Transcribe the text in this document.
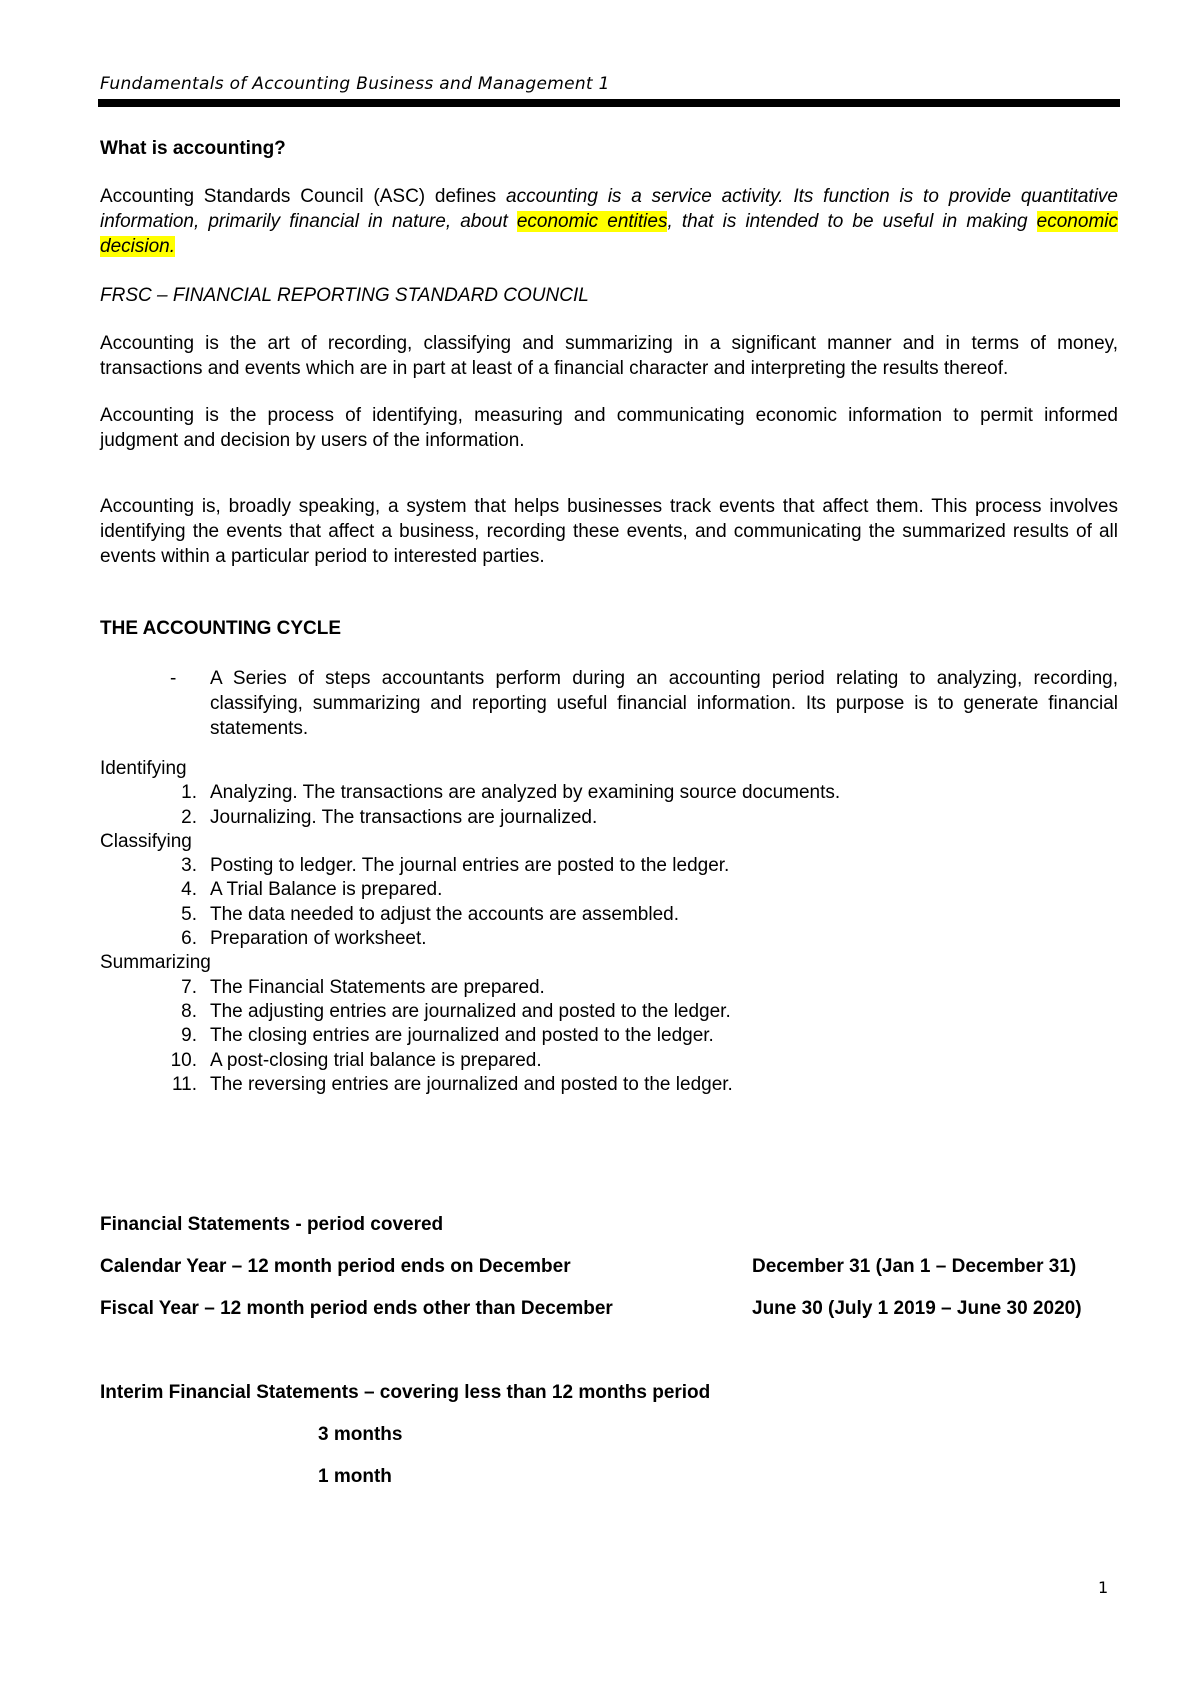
Fundamentals of Accounting Business and Management 1
What is accounting?
Accounting Standards Council (ASC) defines accounting is a service activity. Its function is to provide quantitative information, primarily financial in nature, about economic entities, that is intended to be useful in making economic decision.
FRSC – FINANCIAL REPORTING STANDARD COUNCIL
Accounting is the art of recording, classifying and summarizing in a significant manner and in terms of money, transactions and events which are in part at least of a financial character and interpreting the results thereof.
Accounting is the process of identifying, measuring and communicating economic information to permit informed judgment and decision by users of the information.
Accounting is, broadly speaking, a system that helps businesses track events that affect them. This process involves identifying the events that affect a business, recording these events, and communicating the summarized results of all events within a particular period to interested parties.
THE ACCOUNTING CYCLE
- A Series of steps accountants perform during an accounting period relating to analyzing, recording, classifying, summarizing and reporting useful financial information. Its purpose is to generate financial statements.
Identifying
1. Analyzing. The transactions are analyzed by examining source documents.
2. Journalizing. The transactions are journalized.
Classifying
3. Posting to ledger. The journal entries are posted to the ledger.
4. A Trial Balance is prepared.
5. The data needed to adjust the accounts are assembled.
6. Preparation of worksheet.
Summarizing
7. The Financial Statements are prepared.
8. The adjusting entries are journalized and posted to the ledger.
9. The closing entries are journalized and posted to the ledger.
10. A post-closing trial balance is prepared.
11. The reversing entries are journalized and posted to the ledger.
Financial Statements - period covered
Calendar Year – 12 month period ends on December	December 31 (Jan 1 – December 31)
Fiscal Year – 12 month period ends other than December	June 30 (July 1 2019 – June 30 2020)
Interim Financial Statements – covering less than 12 months period
3 months
1 month
1
